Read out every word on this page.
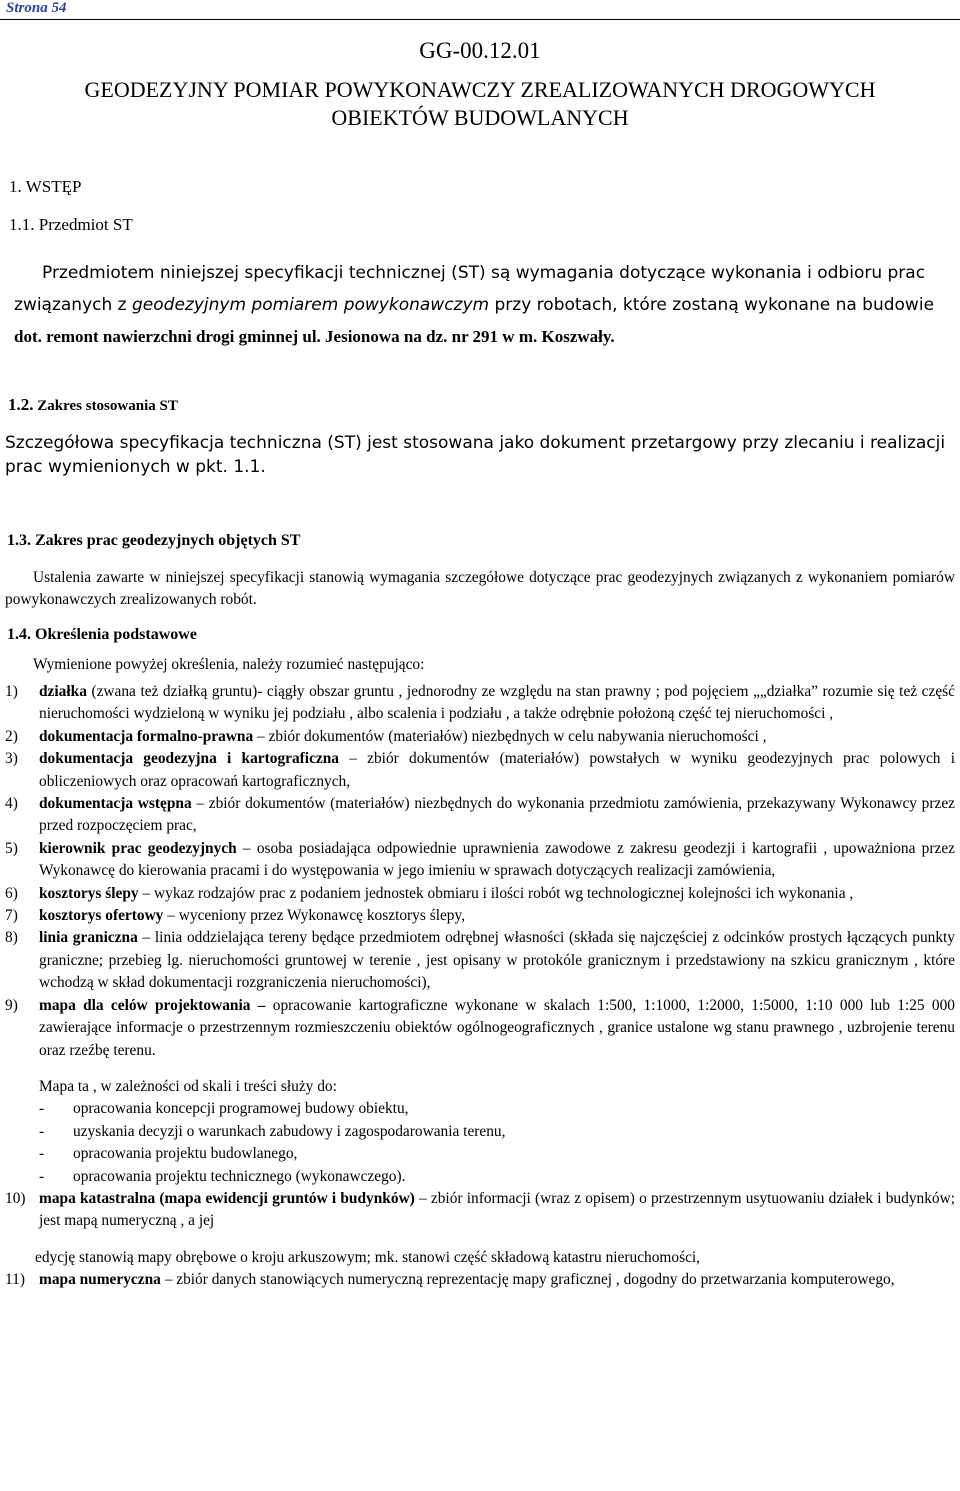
Strona 54
GG-00.12.01
GEODEZYJNY POMIAR POWYKONAWCZY ZREALIZOWANYCH DROGOWYCH
OBIEKTÓW BUDOWLANYCH
1. WSTĘP
1.1. Przedmiot ST
Przedmiotem niniejszej specyfikacji technicznej (ST) są wymagania dotyczące wykonania i odbioru prac związanych z geodezyjnym pomiarem powykonawczym przy robotach, które zostaną wykonane na budowie dot. remont nawierzchni drogi gminnej ul. Jesionowa na dz. nr 291 w m. Koszwały.
1.2. Zakres stosowania ST
Szczegółowa specyfikacja techniczna (ST) jest stosowana jako dokument przetargowy przy zlecaniu i realizacji prac wymienionych w pkt. 1.1.
1.3. Zakres prac geodezyjnych objętych ST
Ustalenia zawarte w niniejszej specyfikacji stanowią wymagania szczegółowe dotyczące prac geodezyjnych związanych z wykonaniem pomiarów powykonawczych zrealizowanych robót.
1.4. Określenia podstawowe
Wymienione powyżej określenia, należy rozumieć następująco:
1)	działka (zwana też działką gruntu)- ciągły obszar gruntu , jednorodny ze względu na stan prawny ; pod pojęciem „„działka” rozumie się też część nieruchomości wydzieloną w wyniku jej podziału , albo scalenia i podziału , a także odrębnie położoną część tej nieruchomości ,
2)	dokumentacja formalno-prawna – zbiór dokumentów (materiałów) niezbędnych w celu nabywania nieruchomości ,
3)	dokumentacja geodezyjna i kartograficzna – zbiór dokumentów (materiałów) powstałych w wyniku geodezyjnych prac polowych i obliczeniowych oraz opracowań kartograficznych,
4)	dokumentacja wstępna – zbiór dokumentów (materiałów) niezbędnych do wykonania przedmiotu zamówienia, przekazywany Wykonawcy przez przed rozpoczęciem prac,
5)	kierownik prac geodezyjnych – osoba posiadająca odpowiednie uprawnienia zawodowe z zakresu geodezji i kartografii , upoważniona przez Wykonawcę do kierowania pracami i do występowania w jego imieniu w sprawach dotyczących realizacji zamówienia,
6)	kosztorys ślepy – wykaz rodzajów prac z podaniem jednostek obmiaru i ilości robót wg technologicznej kolejności ich wykonania ,
7)	kosztorys ofertowy – wyceniony przez Wykonawcę kosztorys ślepy,
8)	linia graniczna – linia oddzielająca tereny będące przedmiotem odrębnej własności (składa się najczęściej z odcinków prostych łączących punkty graniczne; przebieg lg. nieruchomości gruntowej w terenie , jest opisany w protokóle granicznym i przedstawiony na szkicu granicznym , które wchodzą w skład dokumentacji rozgraniczenia nieruchomości),
9)	mapa dla celów projektowania – opracowanie kartograficzne wykonane w skalach 1:500, 1:1000, 1:2000, 1:5000, 1:10 000 lub 1:25 000 zawierające informacje o przestrzennym rozmieszczeniu obiektów ogólnogeograficznych , granice ustalone wg stanu prawnego , uzbrojenie terenu oraz rzeźbę terenu.
Mapa ta , w zależności od skali i treści służy do:
-	opracowania koncepcji programowej budowy obiektu,
-	uzyskania decyzji o warunkach zabudowy i zagospodarowania terenu,
-	opracowania projektu budowlanego,
-	opracowania projektu technicznego (wykonawczego).
10) mapa katastralna (mapa ewidencji gruntów i budynków) – zbiór informacji (wraz z opisem) o przestrzennym usytuowaniu działek i budynków; jest mapą numeryczną , a jej
edycję stanowią mapy obrębowe o kroju arkuszowym; mk. stanowi część składową katastru nieruchomości,
11) mapa numeryczna – zbiór danych stanowiących numeryczną reprezentację mapy graficznej , dogodny do przetwarzania komputerowego,
